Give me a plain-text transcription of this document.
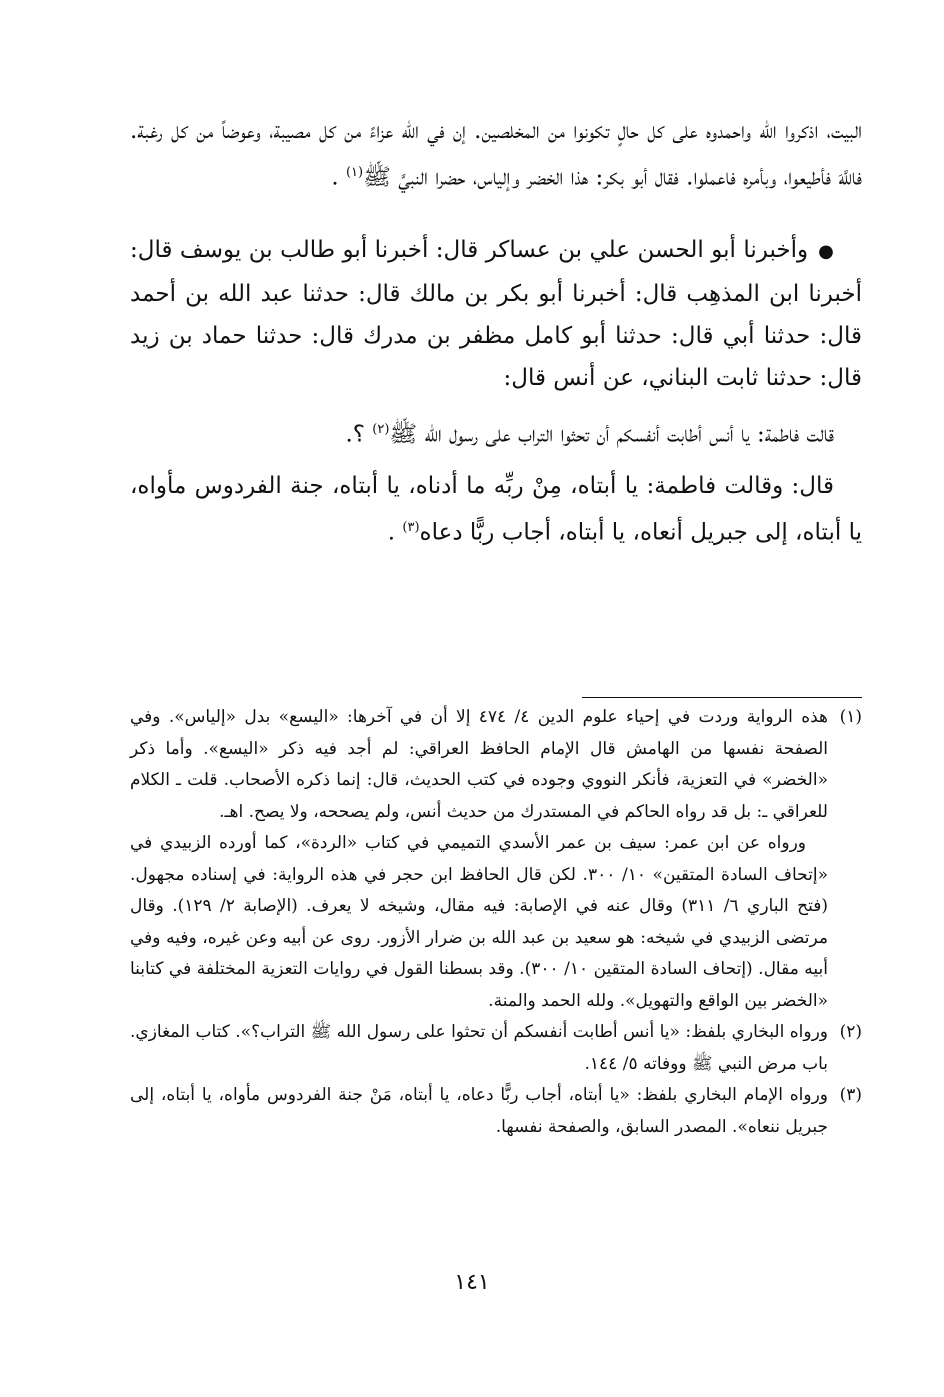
البيت، اذكروا الله واحمدوه على كل حالٍ تكونوا من المخلصين. إن في الله عزاءً من كل مصيبة، وعوضاً من كل رغبة. فاللَّهَ فأطيعوا، وبأمره فاعملوا. فقال أبو بكر: هذا الخضر وإلياس، حضرا النبيَّ ﷺ$^{(١)}$ .

●وأخبرنا أبو الحسن علي بن عساكر قال: أخبرنا أبو طالب بن يوسف قال: أخبرنا ابن المذهِب قال: أخبرنا أبو بكر بن مالك قال: حدثنا عبد الله بن أحمد قال: حدثنا أبي قال: حدثنا أبو كامل مظفر بن مدرك قال: حدثنا حماد بن زيد قال: حدثنا ثابت البناني، عن أنس قال:

قالت فاطمة: يا أنس أطابت أنفسكم أن تحثوا التراب على رسول الله ﷺ$^{(٢)}$ ؟.

قال: وقالت فاطمة: يا أبتاه، مِنْ ربِّه ما أدناه، يا أبتاه، جنة الفردوس مأواه، يا أبتاه، إلى جبريل أنعاه، يا أبتاه، أجاب ربًّا دعاه$^{(٣)}$ .

(١)
هذه الرواية وردت في إحياء علوم الدين ٤/ ٤٧٤ إلا أن في آخرها: «اليسع» بدل «إلياس». وفي الصفحة نفسها من الهامش قال الإمام الحافظ العراقي: لم أجد فيه ذكر «اليسع». وأما ذكر «الخضر» في التعزية، فأنكر النووي وجوده في كتب الحديث، قال: إنما ذكره الأصحاب. قلت ـ الكلام للعراقي ـ: بل قد رواه الحاكم في المستدرك من حديث أنس، ولم يصححه، ولا يصح. اهـ.
ورواه عن ابن عمر: سيف بن عمر الأسدي التميمي في كتاب «الردة»، كما أورده الزبيدي في «إتحاف السادة المتقين» ١٠/ ٣٠٠. لكن قال الحافظ ابن حجر في هذه الرواية: في إسناده مجهول. (فتح الباري ٦/ ٣١١) وقال عنه في الإصابة: فيه مقال، وشيخه لا يعرف. (الإصابة ٢/ ١٢٩). وقال مرتضى الزبيدي في شيخه: هو سعيد بن عبد الله بن ضرار الأزور. روى عن أبيه وعن غيره، وفيه وفي أبيه مقال. (إتحاف السادة المتقين ١٠/ ٣٠٠). وقد بسطنا القول في روايات التعزية المختلفة في كتابنا «الخضر بين الواقع والتهويل». ولله الحمد والمنة.
(٢)
ورواه البخاري بلفظ: «يا أنس أطابت أنفسكم أن تحثوا على رسول الله ﷺ التراب؟». كتاب المغازي. باب مرض النبي ﷺ ووفاته ٥/ ١٤٤.
(٣)
ورواه الإمام البخاري بلفظ: «يا أبتاه، أجاب ربًّا دعاه، يا أبتاه، مَنْ جنة الفردوس مأواه، يا أبتاه، إلى جبريل ننعاه». المصدر السابق، والصفحة نفسها.
١٤١
